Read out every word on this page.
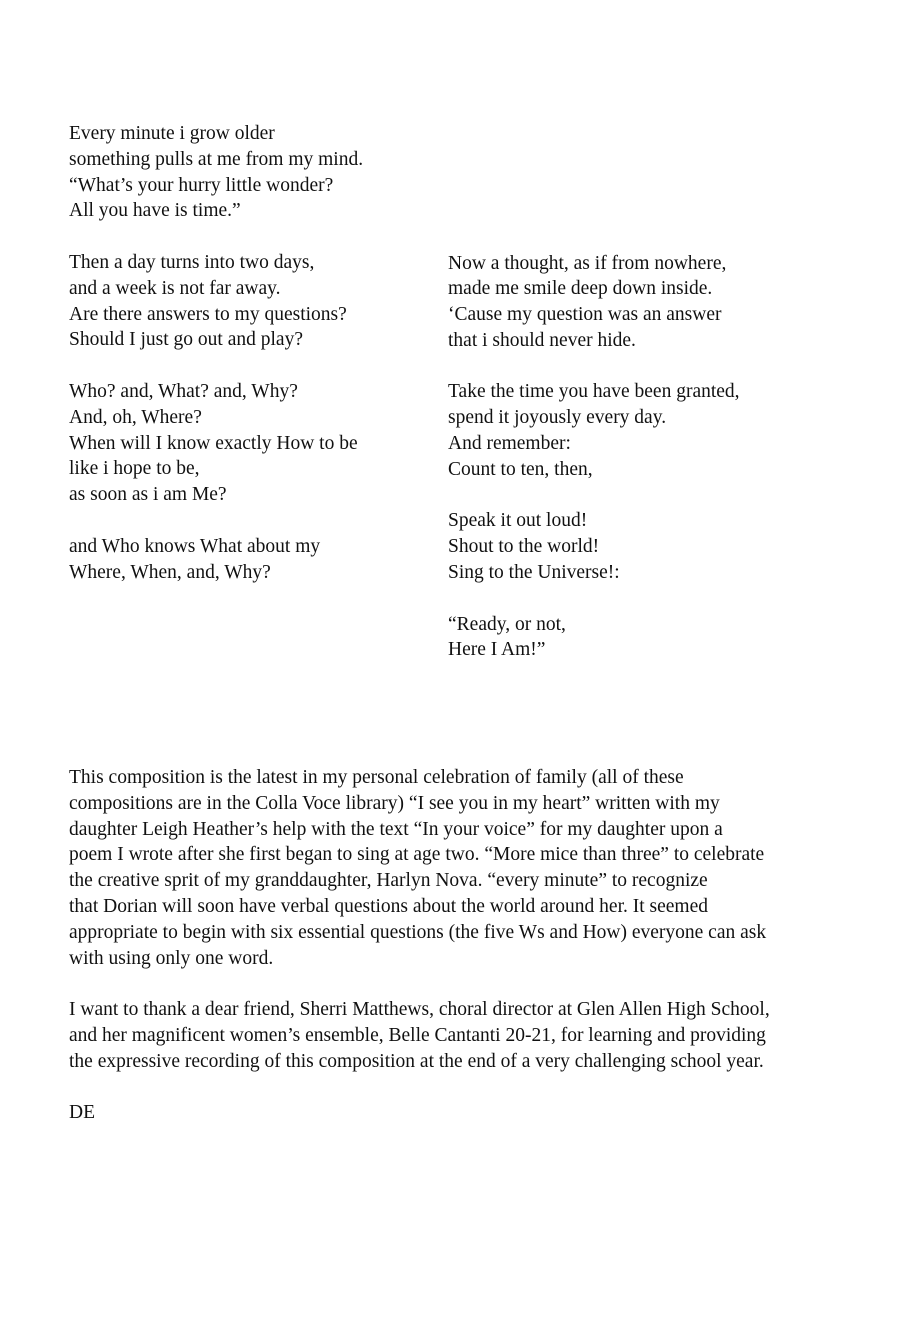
Every minute i grow older
something pulls at me from my mind.
“What’s your hurry little wonder?
All you have is time.”
Then a day turns into two days,
and a week is not far away.
Are there answers to my questions?
Should I just go out and play?
Who? and, What? and, Why?
And, oh, Where?
When will I know exactly How to be
like i hope to be,
as soon as i am Me?
and Who knows What about my
Where, When, and, Why?
Now a thought, as if from nowhere,
made me smile deep down inside.
‘Cause my question was an answer
that i should never hide.
Take the time you have been granted,
spend it joyously every day.
And remember:
Count to ten, then,
Speak it out loud!
Shout to the world!
Sing to the Universe!:
“Ready, or not,
Here I Am!”
This composition is the latest in my personal celebration of family (all of these
compositions are in the Colla Voce library) “I see you in my heart” written with my
daughter Leigh Heather’s help with the text “In your voice” for my daughter upon a
poem I wrote after she first began to sing at age two. “More mice than three” to celebrate
the creative sprit of my granddaughter, Harlyn Nova. “every minute” to recognize
that Dorian will soon have verbal questions about the world around her. It seemed
appropriate to begin with six essential questions (the five Ws and How) everyone can ask
with using only one word.
I want to thank a dear friend, Sherri Matthews, choral director at Glen Allen High School,
and her magnificent women’s ensemble, Belle Cantanti 20-21, for learning and providing
the expressive recording of this composition at the end of a very challenging school year.
DE
